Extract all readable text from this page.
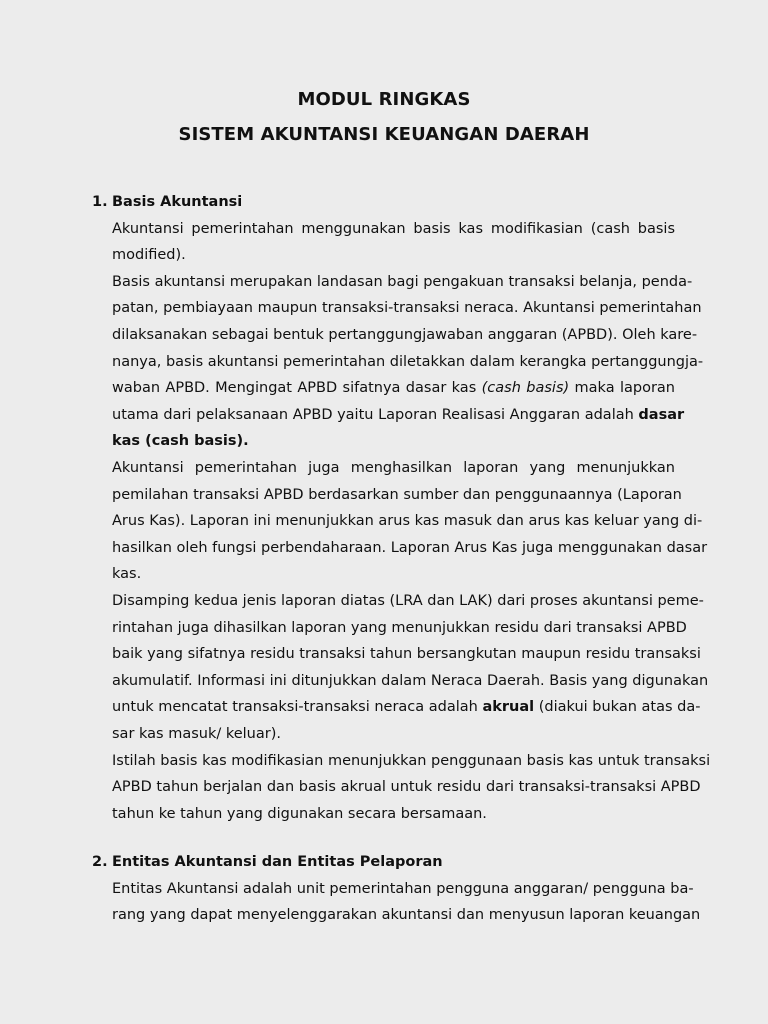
MODUL RINGKAS
SISTEM AKUNTANSI KEUANGAN DAERAH
1. Basis Akuntansi
Akuntansi pemerintahan menggunakan basis kas modifikasian (cash basis
modified).
Basis akuntansi merupakan landasan bagi pengakuan transaksi belanja, penda-
patan, pembiayaan maupun transaksi-transaksi neraca. Akuntansi pemerintahan
dilaksanakan sebagai bentuk pertanggungjawaban anggaran (APBD). Oleh kare-
nanya, basis akuntansi pemerintahan diletakkan dalam kerangka pertanggungja-
waban APBD. Mengingat APBD sifatnya dasar kas (cash basis) maka laporan
utama dari pelaksanaan APBD yaitu Laporan Realisasi Anggaran adalah dasar
kas (cash basis).
Akuntansi pemerintahan juga menghasilkan laporan yang menunjukkan
pemilahan transaksi APBD berdasarkan sumber dan penggunaannya (Laporan
Arus Kas). Laporan ini menunjukkan arus kas masuk dan arus kas keluar yang di-
hasilkan oleh fungsi perbendaharaan. Laporan Arus Kas juga menggunakan dasar
kas.
Disamping kedua jenis laporan diatas (LRA dan LAK) dari proses akuntansi peme-
rintahan juga dihasilkan laporan yang menunjukkan residu dari transaksi APBD
baik yang sifatnya residu transaksi tahun bersangkutan maupun residu transaksi
akumulatif. Informasi ini ditunjukkan dalam Neraca Daerah. Basis yang digunakan
untuk mencatat transaksi-transaksi neraca adalah akrual (diakui bukan atas da-
sar kas masuk/ keluar).
Istilah basis kas modifikasian menunjukkan penggunaan basis kas untuk transaksi
APBD tahun berjalan dan basis akrual untuk residu dari transaksi-transaksi APBD
tahun ke tahun yang digunakan secara bersamaan.
2. Entitas Akuntansi dan Entitas Pelaporan
Entitas Akuntansi adalah unit pemerintahan pengguna anggaran/ pengguna ba-
rang yang dapat menyelenggarakan akuntansi dan menyusun laporan keuangan
